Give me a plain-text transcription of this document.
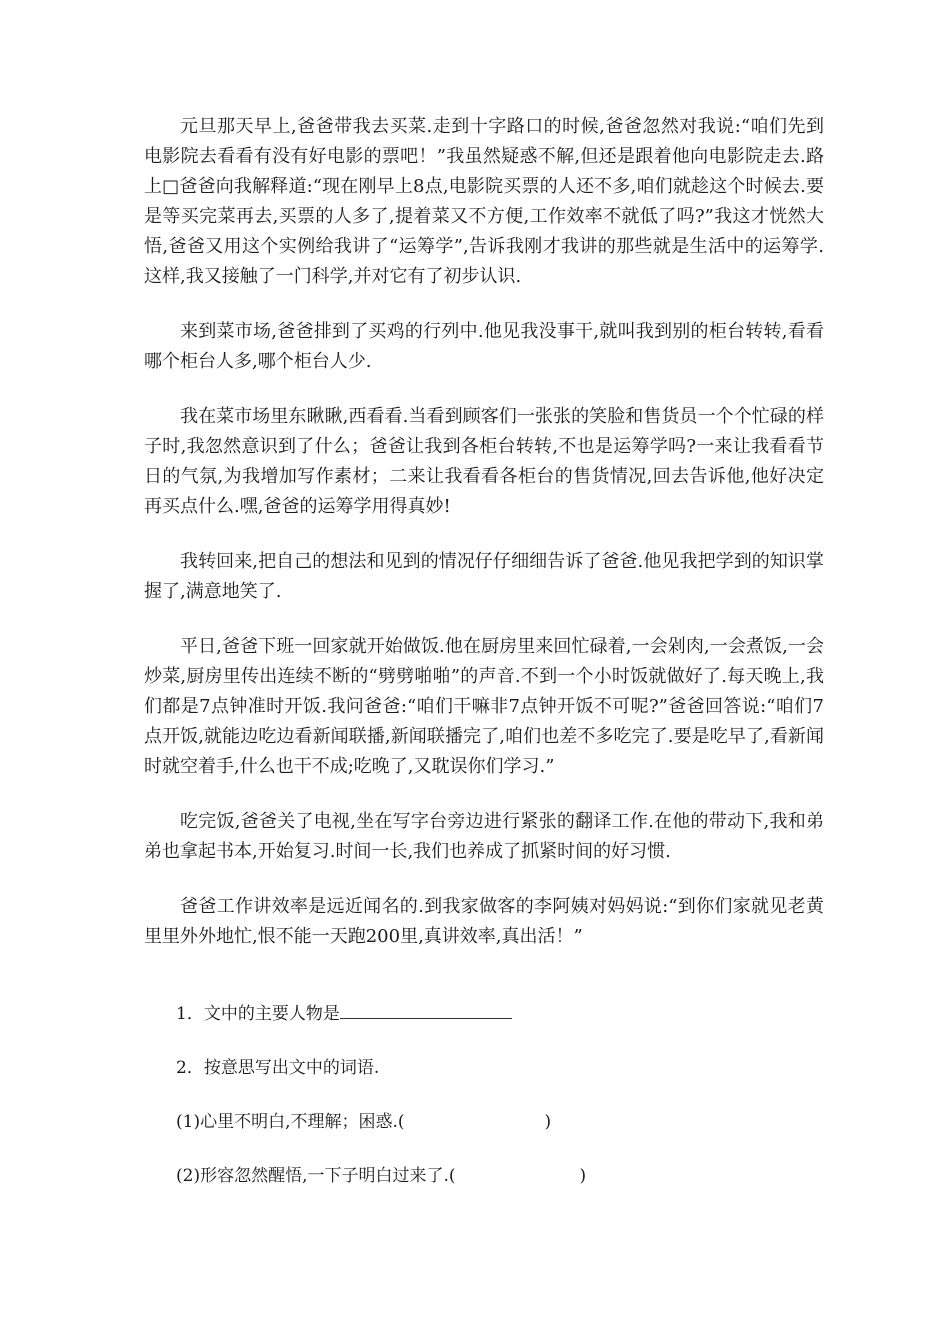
元旦那天早上,爸爸带我去买菜.走到十字路口的时候,爸爸忽然对我说:“咱们先到电影院去看看有没有好电影的票吧！”我虽然疑惑不解,但还是跟着他向电影院走去.路上□爸爸向我解释道:“现在刚早上8点,电影院买票的人还不多,咱们就趁这个时候去.要是等买完菜再去,买票的人多了,提着菜又不方便,工作效率不就低了吗?”我这才恍然大悟,爸爸又用这个实例给我讲了“运筹学”,告诉我刚才我讲的那些就是生活中的运筹学.这样,我又接触了一门科学,并对它有了初步认识.

来到菜市场,爸爸排到了买鸡的行列中.他见我没事干,就叫我到别的柜台转转,看看哪个柜台人多,哪个柜台人少.

我在菜市场里东瞅瞅,西看看.当看到顾客们一张张的笑脸和售货员一个个忙碌的样子时,我忽然意识到了什么；爸爸让我到各柜台转转,不也是运筹学吗?一来让我看看节日的气氛,为我增加写作素材；二来让我看看各柜台的售货情况,回去告诉他,他好决定再买点什么.嘿,爸爸的运筹学用得真妙!

我转回来,把自己的想法和见到的情况仔仔细细告诉了爸爸.他见我把学到的知识掌握了,满意地笑了.

平日,爸爸下班一回家就开始做饭.他在厨房里来回忙碌着,一会剁肉,一会煮饭,一会炒菜,厨房里传出连续不断的“劈劈啪啪”的声音.不到一个小时饭就做好了.每天晚上,我们都是7点钟准时开饭.我问爸爸:“咱们干嘛非7点钟开饭不可呢?”爸爸回答说:“咱们7点开饭,就能边吃边看新闻联播,新闻联播完了,咱们也差不多吃完了.要是吃早了,看新闻时就空着手,什么也干不成;吃晚了,又耽误你们学习.”

吃完饭,爸爸关了电视,坐在写字台旁边进行紧张的翻译工作.在他的带动下,我和弟弟也拿起书本,开始复习.时间一长,我们也养成了抓紧时间的好习惯.

爸爸工作讲效率是远近闻名的.到我家做客的李阿姨对妈妈说:“到你们家就见老黄里里外外地忙,恨不能一天跑200里,真讲效率,真出活！”

1．文中的主要人物是
2．按意思写出文中的词语.
(1)心里不明白,不理解；困惑.(	)
(2)形容忽然醒悟,一下子明白过来了.(	)
